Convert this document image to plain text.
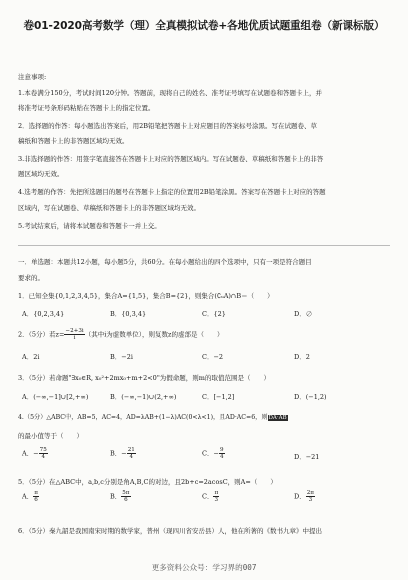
卷01-2020高考数学（理）全真模拟试卷+各地优质试题重组卷（新课标版）
注意事项:
1.本卷满分150分，考试时间120分钟。答题前，现将自己的姓名、准考证号填写在试题卷和答题卡上，并
将准考证号条形码粘贴在答题卡上的指定位置。
2．选择题的作答：每小题选出答案后，用2B铅笔把答题卡上对应题目的答案标号涂黑。写在试题卷、草
稿纸和答题卡上的非答题区域均无效。
3.非选择题的作答：用签字笔直接答在答题卡上对应的答题区域内。写在试题卷、草稿纸和答题卡上的非答
题区域均无效。
4.选考题的作答：先把所选题目的题号在答题卡上指定的位置用2B铅笔涂黑。答案写在答题卡上对应的答题
区域内，写在试题卷、草稿纸和答题卡上的非答题区域均无效。
5.考试结束后，请将本试题卷和答题卡一并上交。
一．单选题：本题共12小题，每小题5分，共60分。在每小题给出的四个选项中，只有一项是符合题目
要求的。
1．已知全集{0,1,2,3,4,5}，集合A={1,5}，集合B={2}，则集合(∁ᵤA)∩B＝（　　）
A．{0,2,3,4}	B．{0,3,4}	C．{2}	D．∅
2．（5分）若$z= \frac{-2+3i}{i}$ （其中i为虚数单位），则复数z的虚部是（　　）
A．2i	B．−2i	C．−2	D．2
3．（5分）若命题"∃x₀∈R, x₀²+2mx₀+m+2<0"为假命题，则m的取值范围是（　　）
A．(−∞,−1]∪[2,+∞)	B．(−∞,−1)∪(2,+∞)	C．[−1,2]	D．(−1,2)
4.（5分）△ABC中，AB=5，AC=4，AD=λAB+(1−λ)AC(0<λ<1)，且AD·AC=6，则DA·AB
的最小值等于（　　）
A．− $\frac{75}{4}$	B．− $\frac{21}{4}$	C．− $\frac{9}{4}$	D．−21
5．（5分）在△ABC中，a,b,c分别是角A,B,C的对边，且2b+c=2acosC，则A=（　　）
A． $\frac{\pi}{6}$	B． $\frac{5\pi}{6}$	C． $\frac{\pi}{3}$	D． $\frac{2\pi}{3}$
6．（5分）秦九韶是我国南宋时期的数学家，普州（现四川省安岳县）人，他在所著的《数书九章》中提出
更多资料公众号：学习界的007
